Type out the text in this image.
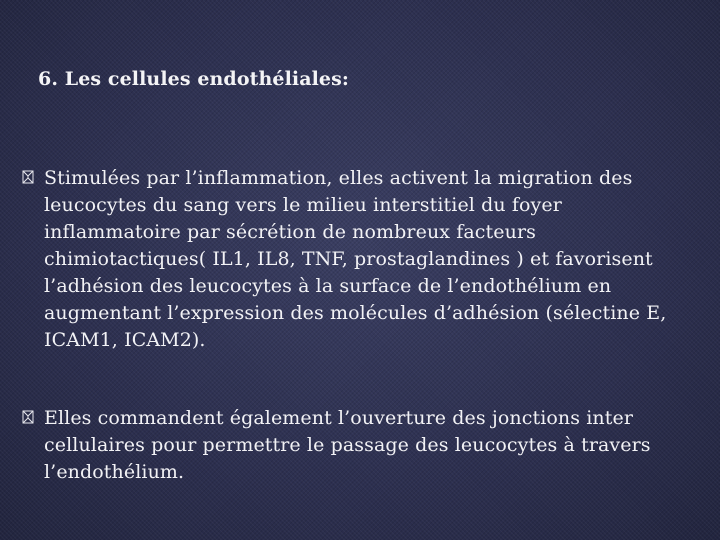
6. Les cellules endothéliales:
Stimulées par l’inflammation, elles activent la migration des leucocytes du sang vers le milieu interstitiel du foyer inflammatoire par sécrétion de nombreux facteurs chimiotactiques( IL1, IL8, TNF, prostaglandines ) et favorisent l’adhésion des leucocytes à la surface de l’endothélium en augmentant l’expression des molécules d’adhésion (sélectine E, ICAM1, ICAM2).
Elles commandent également l’ouverture des jonctions inter cellulaires pour permettre le passage des leucocytes à travers l’endothélium.
